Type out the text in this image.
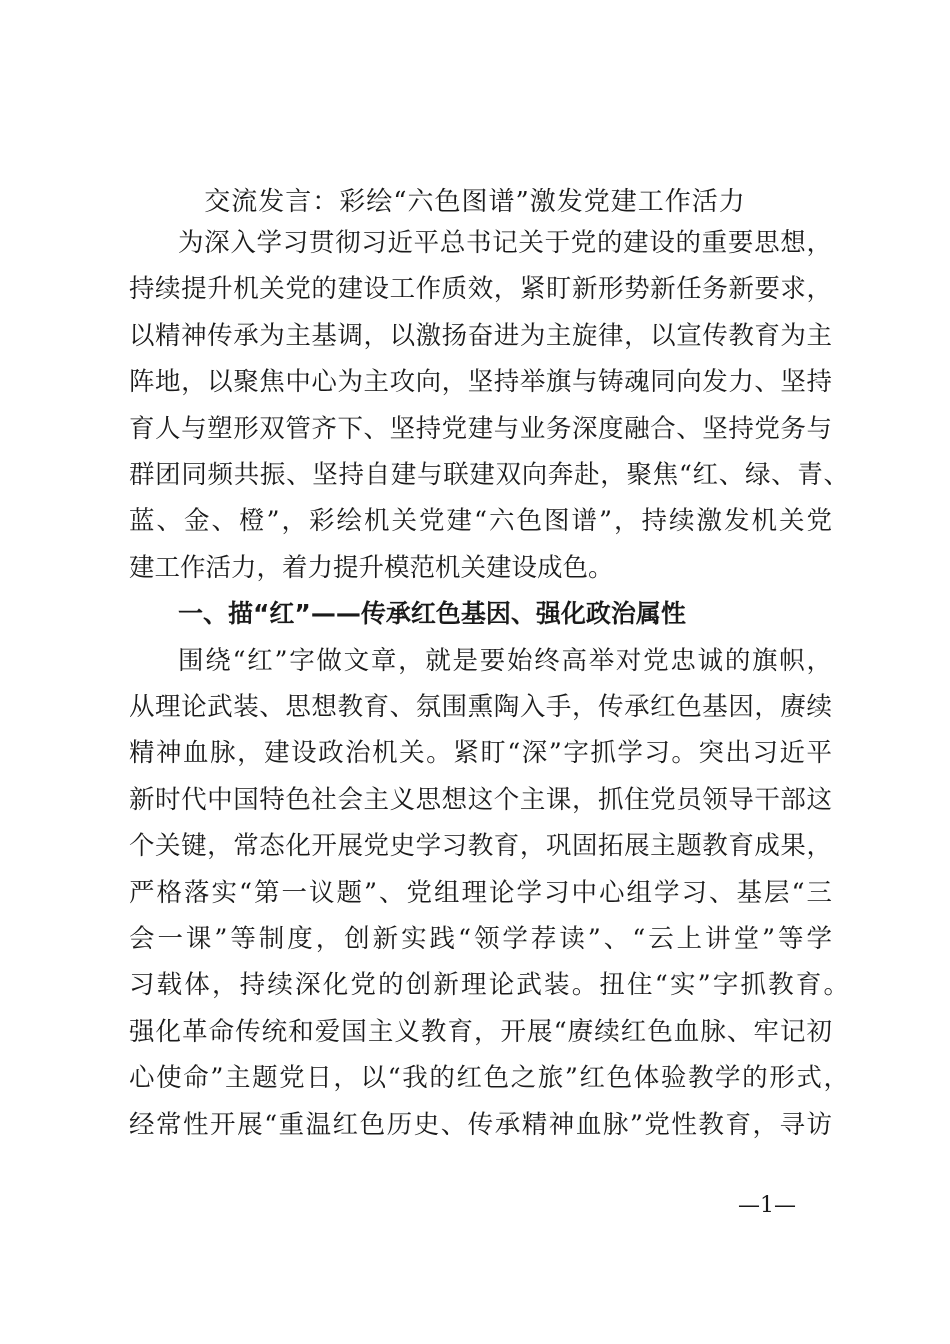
交流发言：彩绘“六色图谱”激发党建工作活力

为深入学习贯彻习近平总书记关于党的建设的重要思想，

持续提升机关党的建设工作质效，紧盯新形势新任务新要求，

以精神传承为主基调，以激扬奋进为主旋律，以宣传教育为主

阵地，以聚焦中心为主攻向，坚持举旗与铸魂同向发力、坚持

育人与塑形双管齐下、坚持党建与业务深度融合、坚持党务与

群团同频共振、坚持自建与联建双向奔赴，聚焦“红、绿、青、

蓝、金、橙”，彩绘机关党建“六色图谱”，持续激发机关党

建工作活力，着力提升模范机关建设成色。

一、描“红”——传承红色基因、强化政治属性

围绕“红”字做文章，就是要始终高举对党忠诚的旗帜，

从理论武装、思想教育、氛围熏陶入手，传承红色基因，赓续

精神血脉，建设政治机关。紧盯“深”字抓学习。突出习近平

新时代中国特色社会主义思想这个主课，抓住党员领导干部这

个关键，常态化开展党史学习教育，巩固拓展主题教育成果，

严格落实“第一议题”、党组理论学习中心组学习、基层“三

会一课”等制度，创新实践“领学荐读”、“云上讲堂”等学

习载体，持续深化党的创新理论武装。扭住“实”字抓教育。

强化革命传统和爱国主义教育，开展“赓续红色血脉、牢记初

心使命”主题党日，以“我的红色之旅”红色体验教学的形式，

经常性开展“重温红色历史、传承精神血脉”党性教育，寻访

—1—
